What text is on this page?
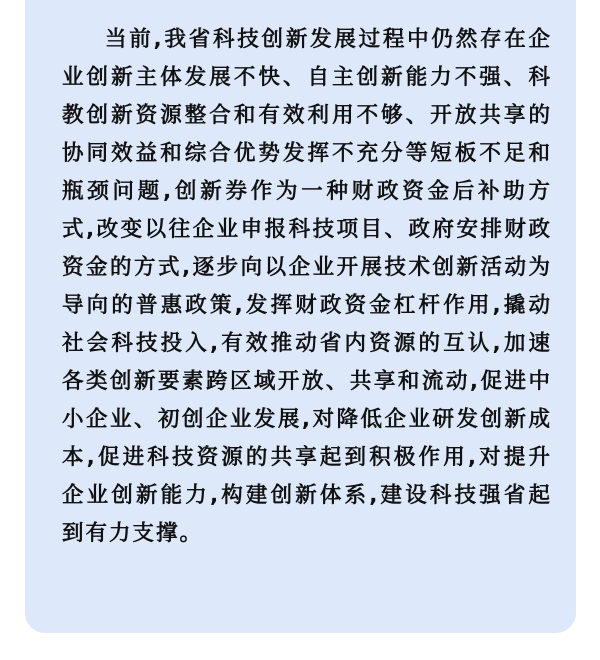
当前,我省科技创新发展过程中仍然存在企业创新主体发展不快、自主创新能力不强、科教创新资源整合和有效利用不够、开放共享的协同效益和综合优势发挥不充分等短板不足和瓶颈问题,创新券作为一种财政资金后补助方式,改变以往企业申报科技项目、政府安排财政资金的方式,逐步向以企业开展技术创新活动为导向的普惠政策,发挥财政资金杠杆作用,撬动社会科技投入,有效推动省内资源的互认,加速各类创新要素跨区域开放、共享和流动,促进中小企业、初创企业发展,对降低企业研发创新成本,促进科技资源的共享起到积极作用,对提升企业创新能力,构建创新体系,建设科技强省起到有力支撑。
